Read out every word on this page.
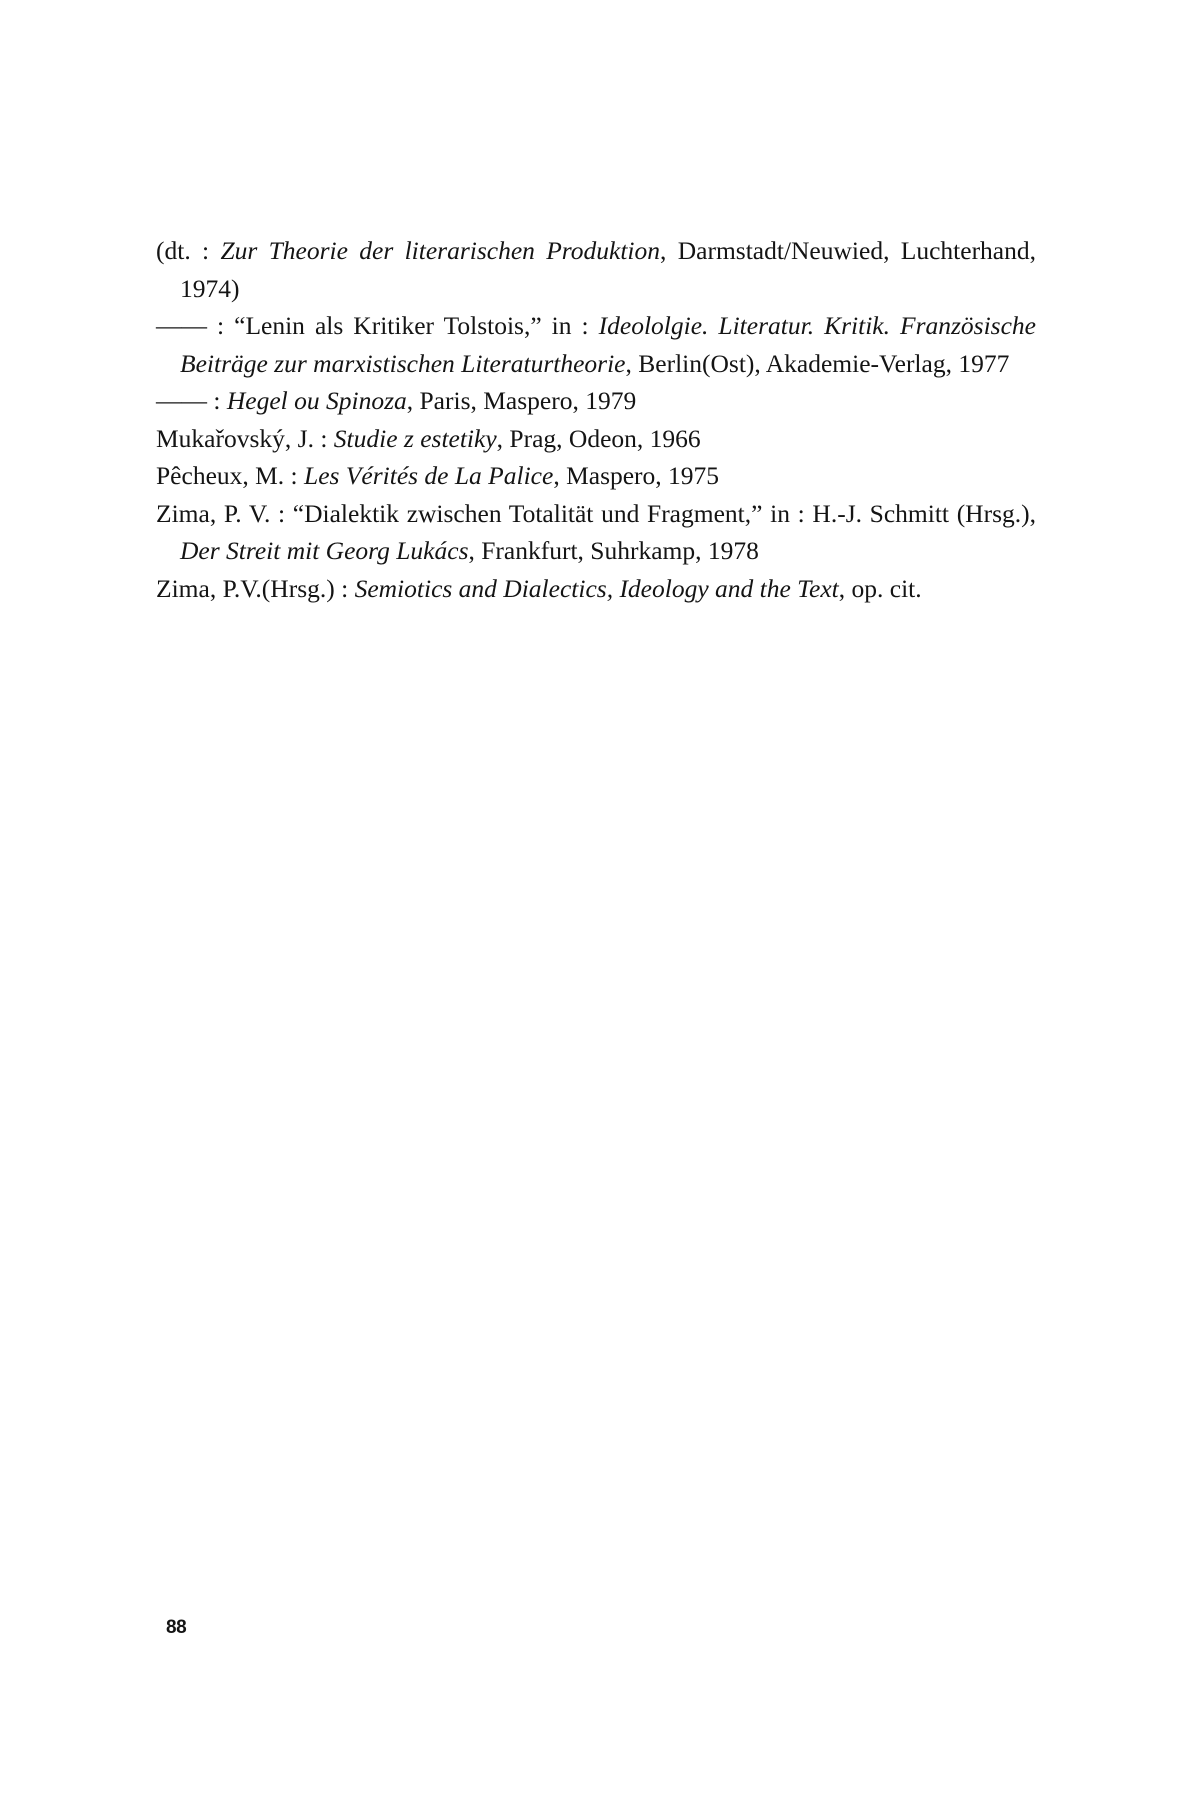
(dt. : Zur Theorie der literarischen Produktion, Darmstadt/Neuwied, Luchterhand, 1974)

—— : “Lenin als Kritiker Tolstois,” in : Ideololgie. Literatur. Kritik. Französische Beiträge zur marxistischen Literaturtheorie, Berlin(Ost), Akademie-Verlag, 1977

—— : Hegel ou Spinoza, Paris, Maspero, 1979

Mukařovský, J. : Studie z estetiky, Prag, Odeon, 1966

Pêcheux, M. : Les Vérités de La Palice, Maspero, 1975

Zima, P. V. : “Dialektik zwischen Totalität und Fragment,” in : H.-J. Schmitt (Hrsg.), Der Streit mit Georg Lukács, Frankfurt, Suhrkamp, 1978

Zima, P.V.(Hrsg.) : Semiotics and Dialectics, Ideology and the Text, op. cit.

88
